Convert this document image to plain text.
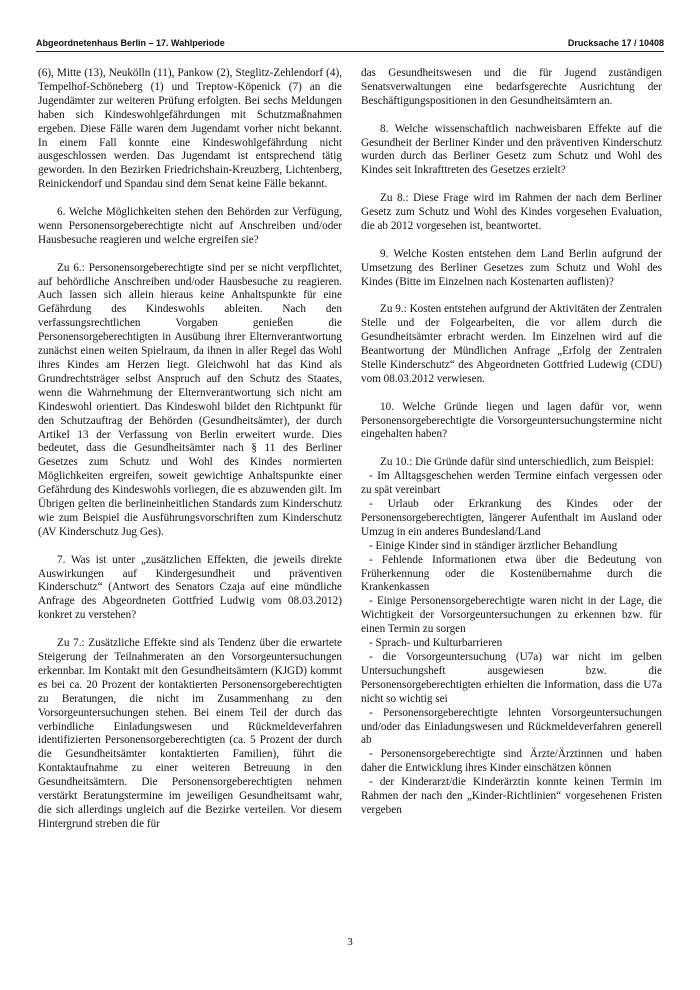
Abgeordnetenhaus Berlin – 17. Wahlperiode	Drucksache 17 / 10408

(6), Mitte (13), Neukölln (11), Pankow (2), Steglitz-Zehlendorf (4), Tempelhof-Schöneberg (1) und Treptow-Köpenick (7) an die Jugendämter zur weiteren Prüfung erfolgten. Bei sechs Meldungen haben sich Kindeswohlgefährdungen mit Schutzmaßnahmen ergeben. Diese Fälle waren dem Jugendamt vorher nicht bekannt. In einem Fall konnte eine Kindeswohlgefährdung nicht ausgeschlossen werden. Das Jugendamt ist entsprechend tätig geworden. In den Bezirken Friedrichshain-Kreuzberg, Lichtenberg, Reinickendorf und Spandau sind dem Senat keine Fälle bekannt.

6. Welche Möglichkeiten stehen den Behörden zur Verfügung, wenn Personensorgeberechtigte nicht auf Anschreiben und/oder Hausbesuche reagieren und welche ergreifen sie?

Zu 6.: Personensorgeberechtigte sind per se nicht verpflichtet, auf behördliche Anschreiben und/oder Hausbesuche zu reagieren. Auch lassen sich allein hieraus keine Anhaltspunkte für eine Gefährdung des Kindeswohls ableiten. Nach den verfassungsrechtlichen Vorgaben genießen die Personensorgeberechtigten in Ausübung ihrer Elternverantwortung zunächst einen weiten Spielraum, da ihnen in aller Regel das Wohl ihres Kindes am Herzen liegt. Gleichwohl hat das Kind als Grundrechtsträger selbst Anspruch auf den Schutz des Staates, wenn die Wahrnehmung der Elternverantwortung sich nicht am Kindeswohl orientiert. Das Kindeswohl bildet den Richtpunkt für den Schutzauftrag der Behörden (Gesundheitsämter), der durch Artikel 13 der Verfassung von Berlin erweitert wurde. Dies bedeutet, dass die Gesundheitsämter nach § 11 des Berliner Gesetzes zum Schutz und Wohl des Kindes normierten Möglichkeiten ergreifen, soweit gewichtige Anhaltspunkte einer Gefährdung des Kindeswohls vorliegen, die es abzuwenden gilt. Im Übrigen gelten die berlineinheitlichen Standards zum Kinderschutz wie zum Beispiel die Ausführungsvorschriften zum Kinderschutz (AV Kinderschutz Jug Ges).

7. Was ist unter „zusätzlichen Effekten, die jeweils direkte Auswirkungen auf Kindergesundheit und präventiven Kinderschutz“ (Antwort des Senators Czaja auf eine mündliche Anfrage des Abgeordneten Gottfried Ludwig vom 08.03.2012) konkret zu verstehen?

Zu 7.: Zusätzliche Effekte sind als Tendenz über die erwartete Steigerung der Teilnahmeraten an den Vorsorgeuntersuchungen erkennbar. Im Kontakt mit den Gesundheitsämtern (KJGD) kommt es bei ca. 20 Prozent der kontaktierten Personensorgeberechtigten zu Beratungen, die nicht im Zusammenhang zu den Vorsorgeuntersuchungen stehen. Bei einem Teil der durch das verbindliche Einladungswesen und Rückmeldeverfahren identifizierten Personensorgeberechtigten (ca. 5 Prozent der durch die Gesundheitsämter kontaktierten Familien), führt die Kontaktaufnahme zu einer weiteren Betreuung in den Gesundheitsämtern. Die Personensorgeberechtigten nehmen verstärkt Beratungstermine im jeweiligen Gesundheitsamt wahr, die sich allerdings ungleich auf die Bezirke verteilen. Vor diesem Hintergrund streben die für

das Gesundheitswesen und die für Jugend zuständigen Senatsverwaltungen eine bedarfsgerechte Ausrichtung der Beschäftigungspositionen in den Gesundheitsämtern an.

8. Welche wissenschaftlich nachweisbaren Effekte auf die Gesundheit der Berliner Kinder und den präventiven Kinderschutz wurden durch das Berliner Gesetz zum Schutz und Wohl des Kindes seit Inkrafttreten des Gesetzes erzielt?

Zu 8.: Diese Frage wird im Rahmen der nach dem Berliner Gesetz zum Schutz und Wohl des Kindes vorgesehen Evaluation, die ab 2012 vorgesehen ist, beantwortet.

9. Welche Kosten entstehen dem Land Berlin aufgrund der Umsetzung des Berliner Gesetzes zum Schutz und Wohl des Kindes (Bitte im Einzelnen nach Kostenarten auflisten)?

Zu 9.: Kosten entstehen aufgrund der Aktivitäten der Zentralen Stelle und der Folgearbeiten, die vor allem durch die Gesundheitsämter erbracht werden. Im Einzelnen wird auf die Beantwortung der Mündlichen Anfrage „Erfolg der Zentralen Stelle Kinderschutz“ des Abgeordneten Gottfried Ludewig (CDU) vom 08.03.2012 verwiesen.

10. Welche Gründe liegen und lagen dafür vor, wenn Personensorgeberechtigte die Vorsorgeuntersuchungstermine nicht eingehalten haben?

Zu 10.: Die Gründe dafür sind unterschiedlich, zum Beispiel:

- Im Alltagsgeschehen werden Termine einfach vergessen oder zu spät vereinbart

- Urlaub oder Erkrankung des Kindes oder der Personensorgeberechtigten, längerer Aufenthalt im Ausland oder Umzug in ein anderes Bundesland/Land

- Einige Kinder sind in ständiger ärztlicher Behandlung

- Fehlende Informationen etwa über die Bedeutung von Früherkennung oder die Kostenübernahme durch die Krankenkassen

- Einige Personensorgeberechtigte waren nicht in der Lage, die Wichtigkeit der Vorsorgeuntersuchungen zu erkennen bzw. für einen Termin zu sorgen

- Sprach- und Kulturbarrieren

- die Vorsorgeuntersuchung (U7a) war nicht im gelben Untersuchungsheft ausgewiesen bzw. die Personensorgeberechtigten erhielten die Information, dass die U7a nicht so wichtig sei

- Personensorgeberechtigte lehnten Vorsorgeuntersuchungen und/oder das Einladungswesen und Rückmeldeverfahren generell ab

- Personensorgeberechtigte sind Ärzte/Ärztinnen und haben daher die Entwicklung ihres Kinder einschätzen können

- der Kinderarzt/die Kinderärztin konnte keinen Termin im Rahmen der nach den „Kinder-Richtlinien“ vorgesehenen Fristen vergeben

3
